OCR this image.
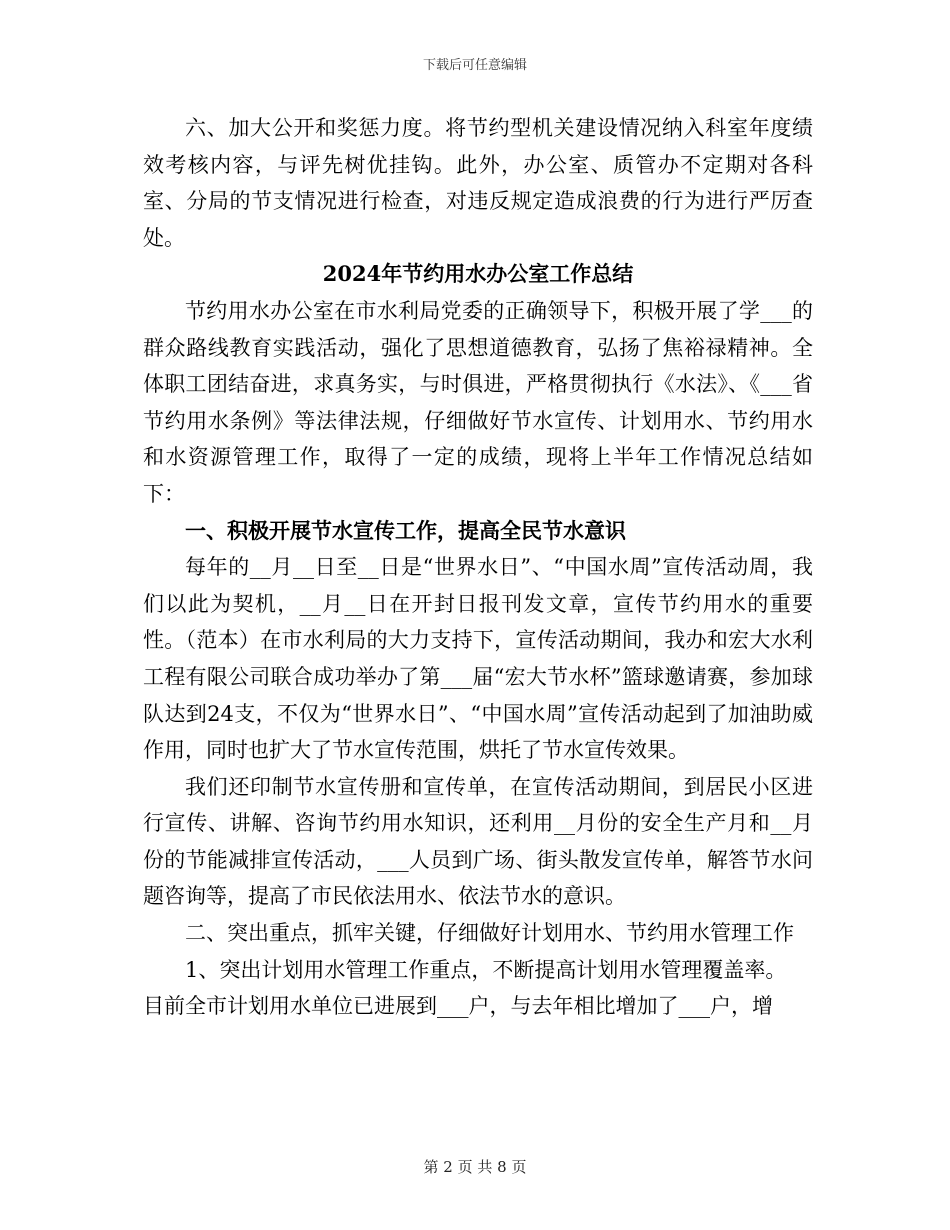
下载后可任意编辑

六、加大公开和奖惩力度。将节约型机关建设情况纳入科室年度绩效考核内容，与评先树优挂钩。此外，办公室、质管办不定期对各科室、分局的节支情况进行检查，对违反规定造成浪费的行为进行严厉查处。

2024年节约用水办公室工作总结

节约用水办公室在市水利局党委的正确领导下，积极开展了学___的群众路线教育实践活动，强化了思想道德教育，弘扬了焦裕禄精神。全体职工团结奋进，求真务实，与时俱进，严格贯彻执行《水法》、《___省节约用水条例》等法律法规，仔细做好节水宣传、计划用水、节约用水和水资源管理工作，取得了一定的成绩，现将上半年工作情况总结如下：

一、积极开展节水宣传工作，提高全民节水意识

每年的__月__日至__日是“世界水日”、“中国水周”宣传活动周，我们以此为契机，__月__日在开封日报刊发文章，宣传节约用水的重要性。（范本）在市水利局的大力支持下，宣传活动期间，我办和宏大水利工程有限公司联合成功举办了第___届“宏大节水杯”篮球邀请赛，参加球队达到24支，不仅为“世界水日”、“中国水周”宣传活动起到了加油助威作用，同时也扩大了节水宣传范围，烘托了节水宣传效果。

我们还印制节水宣传册和宣传单，在宣传活动期间，到居民小区进行宣传、讲解、咨询节约用水知识，还利用__月份的安全生产月和__月份的节能减排宣传活动，___人员到广场、街头散发宣传单，解答节水问题咨询等，提高了市民依法用水、依法节水的意识。

二、突出重点，抓牢关键，仔细做好计划用水、节约用水管理工作

1、突出计划用水管理工作重点，不断提高计划用水管理覆盖率。

目前全市计划用水单位已进展到___户，与去年相比增加了___户，增

第 2 页 共 8 页
